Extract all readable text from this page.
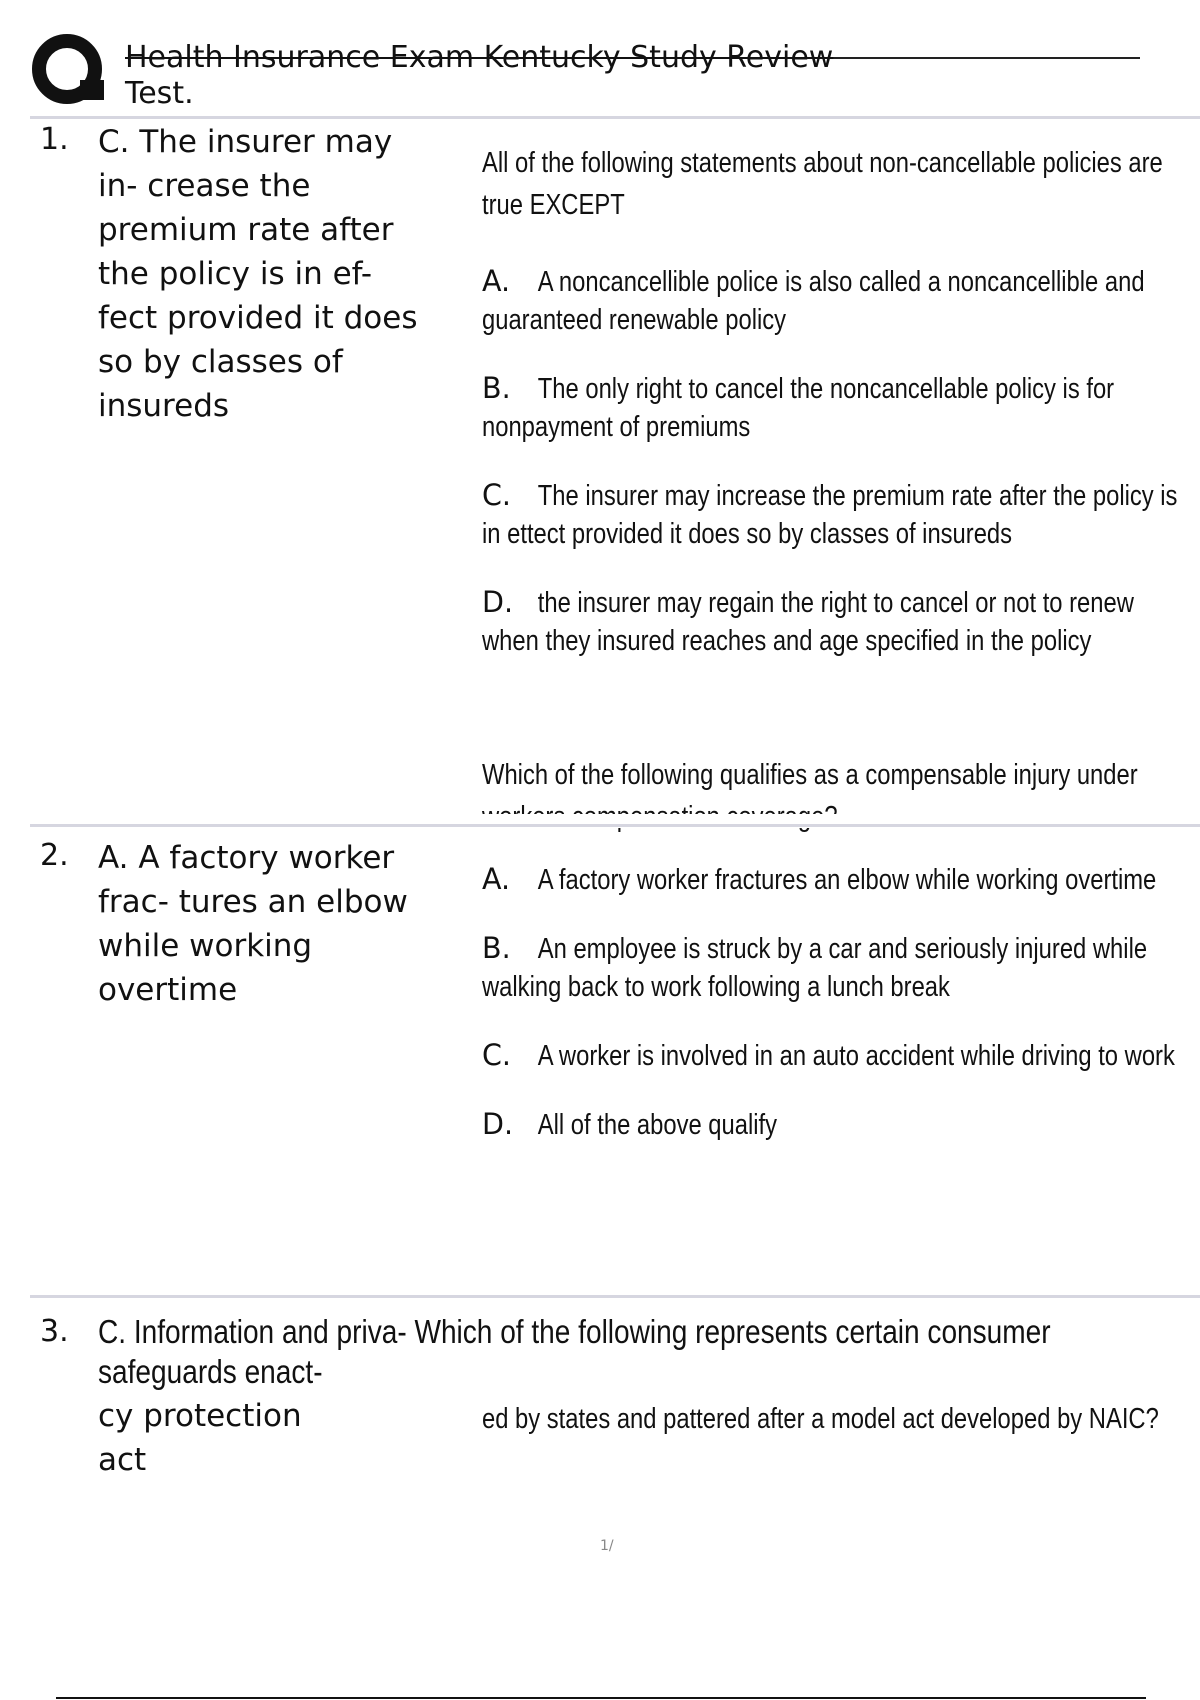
Health Insurance Exam Kentucky Study Review
Test.
1. C. The insurer may
in- crease the
premium rate after
the policy is in ef-
fect provided it does
so by classes of
insureds
All of the following statements about non-cancellable policies are true EXCEPT
A. A noncancellible police is also called a noncancellible and guaranteed renewable policy
B. The only right to cancel the noncancellable policy is for nonpayment of premiums
C. The insurer may increase the premium rate after the policy is in ettect provided it does so by classes of insureds
D. the insurer may regain the right to cancel or not to renew when they insured reaches and age specified in the policy
Which of the following qualifies as a compensable injury under
2. A. A factory worker
frac- tures an elbow
while working
overtime
A. A factory worker fractures an elbow while working overtime
B. An employee is struck by a car and seriously injured while walking back to work following a lunch break
C. A worker is involved in an auto accident while driving to work
D. All of the above qualify
3. C. Information and priva- Which of the following represents certain consumer
safeguards enact-
cy protection
act
ed by states and pattered after a model act developed by NAIC?
1/
